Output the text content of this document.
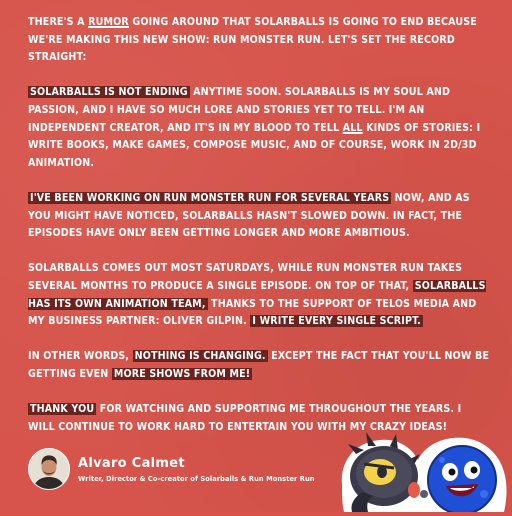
THERE'S A RUMOR GOING AROUND THAT SOLARBALLS IS GOING TO END BECAUSE WE'RE MAKING THIS NEW SHOW: RUN MONSTER RUN. LET'S SET THE RECORD STRAIGHT:

SOLARBALLS IS NOT ENDING ANYTIME SOON. SOLARBALLS IS MY SOUL AND PASSION, AND I HAVE SO MUCH LORE AND STORIES YET TO TELL. I'M AN INDEPENDENT CREATOR, AND IT'S IN MY BLOOD TO TELL ALL KINDS OF STORIES: I WRITE BOOKS, MAKE GAMES, COMPOSE MUSIC, AND OF COURSE, WORK IN 2D/3D ANIMATION.

I'VE BEEN WORKING ON RUN MONSTER RUN FOR SEVERAL YEARS NOW, AND AS YOU MIGHT HAVE NOTICED, SOLARBALLS HASN'T SLOWED DOWN. IN FACT, THE EPISODES HAVE ONLY BEEN GETTING LONGER AND MORE AMBITIOUS.

SOLARBALLS COMES OUT MOST SATURDAYS, WHILE RUN MONSTER RUN TAKES SEVERAL MONTHS TO PRODUCE A SINGLE EPISODE. ON TOP OF THAT, SOLARBALLS HAS ITS OWN ANIMATION TEAM, THANKS TO THE SUPPORT OF TELOS MEDIA AND MY BUSINESS PARTNER: OLIVER GILPIN. I WRITE EVERY SINGLE SCRIPT.

IN OTHER WORDS, NOTHING IS CHANGING. EXCEPT THE FACT THAT YOU'LL NOW BE GETTING EVEN MORE SHOWS FROM ME!

THANK YOU FOR WATCHING AND SUPPORTING ME THROUGHOUT THE YEARS. I WILL CONTINUE TO WORK HARD TO ENTERTAIN YOU WITH MY CRAZY IDEAS!

Alvaro Calmet
Writer, Director & Co-creator of Solarballs & Run Monster Run
